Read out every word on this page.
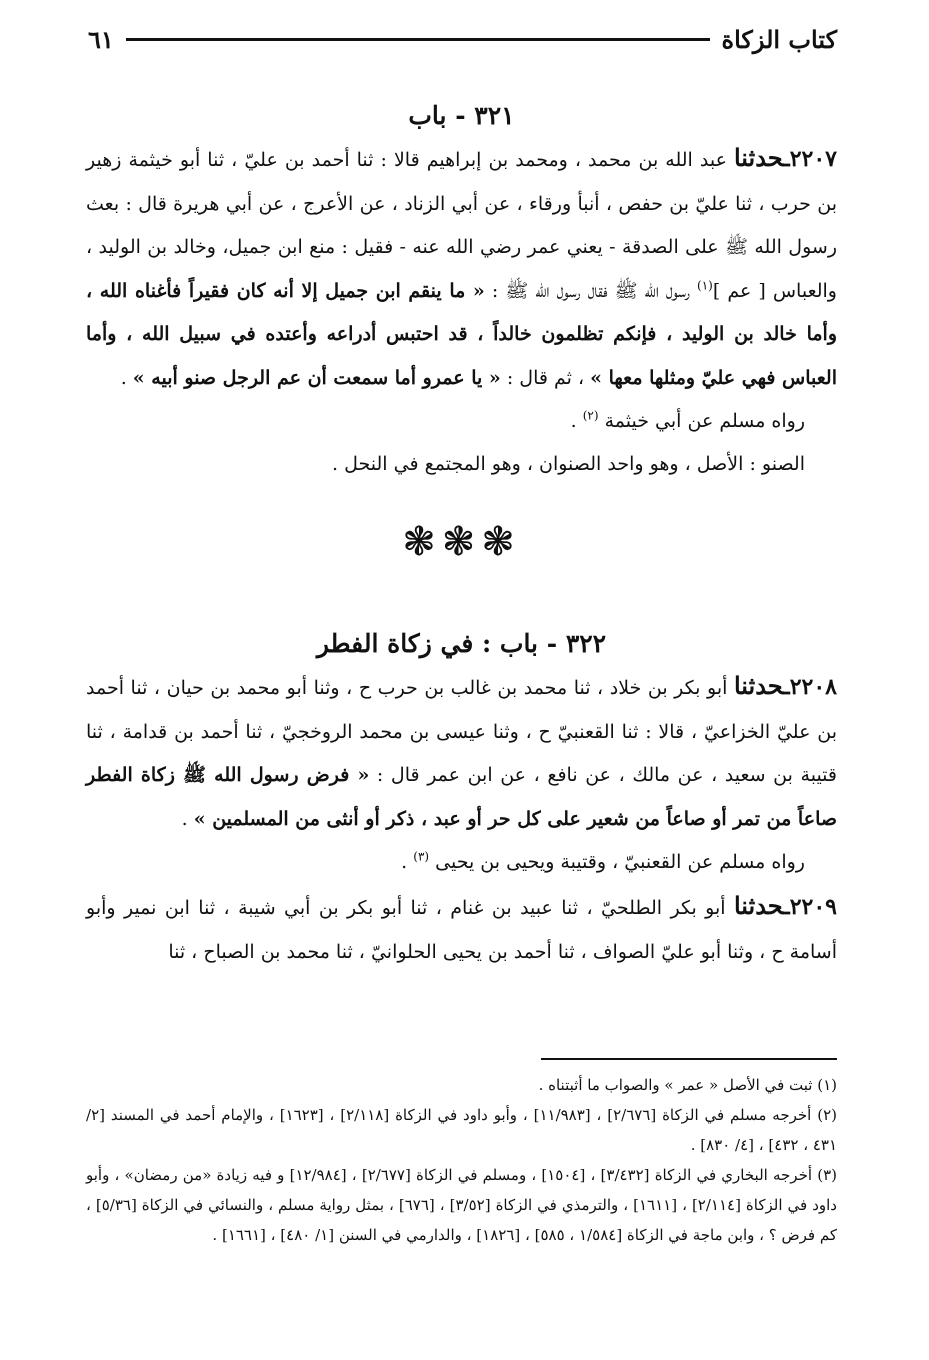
كتاب الزكاة
٦١
٣٢١ - باب

٢٢٠٧ـحدثنا عبد الله بن محمد ، ومحمد بن إبراهيم قالا : ثنا أحمد بن عليّ ، ثنا أبو خيثمة زهير بن حرب ، ثنا عليّ بن حفص ، أنبأ ورقاء ، عن أبي الزناد ، عن الأعرج ، عن أبي هريرة قال : بعث رسول الله ﷺ على الصدقة - يعني عمر رضي الله عنه - فقيل : منع ابن جميل، وخالد بن الوليد ، والعباس [ عم ]$^{(١)}$ رسول الله ﷺ فقال رسول الله ﷺ : « ما ينقم ابن جميل إلا أنه كان فقيراً فأغناه الله ، وأما خالد بن الوليد ، فإنكم تظلمون خالداً ، قد احتبس أدراعه وأعتده في سبيل الله ، وأما العباس فهي عليّ ومثلها معها » ، ثم قال : « يا عمرو أما سمعت أن عم الرجل صنو أبيه » .

رواه مسلم عن أبي خيثمة $^{(٢)}$ .

الصنو : الأصل ، وهو واحد الصنوان ، وهو المجتمع في النحل .

❃❃❃
٣٢٢ - باب : في زكاة الفطر

٢٢٠٨ـحدثنا أبو بكر بن خلاد ، ثنا محمد بن غالب بن حرب ح ، وثنا أبو محمد بن حيان ، ثنا أحمد بن عليّ الخزاعيّ ، قالا : ثنا القعنبيّ ح ، وثنا عيسى بن محمد الروخجيّ ، ثنا أحمد بن قدامة ، ثنا قتيبة بن سعيد ، عن مالك ، عن نافع ، عن ابن عمر قال : « فرض رسول الله ﷺ زكاة الفطر صاعاً من تمر أو صاعاً من شعير على كل حر أو عبد ، ذكر أو أنثى من المسلمين » .

رواه مسلم عن القعنبيّ ، وقتيبة ويحيى بن يحيى $^{(٣)}$ .

٢٢٠٩ـحدثنا أبو بكر الطلحيّ ، ثنا عبيد بن غنام ، ثنا أبو بكر بن أبي شيبة ، ثنا ابن نمير وأبو أسامة ح ، وثنا أبو عليّ الصواف ، ثنا أحمد بن يحيى الحلوانيّ ، ثنا محمد بن الصباح ، ثنا

(١) ثبت في الأصل « عمر » والصواب ما أثبتناه .

(٢) أخرجه مسلم في الزكاة [٢/٦٧٦] ، [١١/٩٨٣] ، وأبو داود في الزكاة [٢/١١٨] ، [١٦٢٣] ، والإمام أحمد في المسند [٢/ ٤٣١ ، ٤٣٢] ، [٤/ ٨٣٠] .

(٣) أخرجه البخاري في الزكاة [٣/٤٣٢] ، [١٥٠٤] ، ومسلم في الزكاة [٢/٦٧٧] ، [١٢/٩٨٤] و فيه زيادة «من رمضان» ، وأبو داود في الزكاة [٢/١١٤] ، [١٦١١] ، والترمذي في الزكاة [٣/٥٢] ، [٦٧٦] ، بمثل رواية مسلم ، والنسائي في الزكاة [٥/٣٦] ، كم فرض ؟ ، وابن ماجة في الزكاة [١/٥٨٤ ، ٥٨٥] ، [١٨٢٦] ، والدارمي في السنن [١/ ٤٨٠] ، [١٦٦١] .
